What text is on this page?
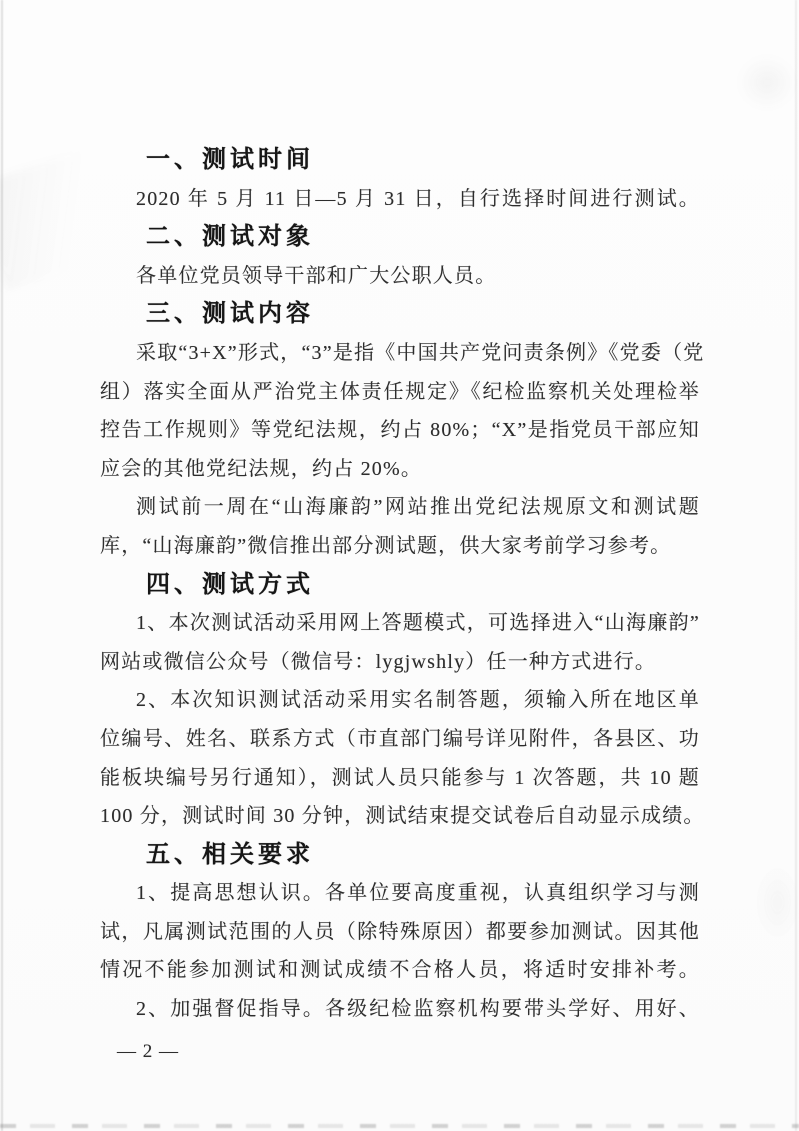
一、测试时间
2020 年 5 月 11 日—5 月 31 日，自行选择时间进行测试。
二、测试对象
各单位党员领导干部和广大公职人员。
三、测试内容
采取“3+X”形式，“3”是指《中国共产党问责条例》《党委（党
组）落实全面从严治党主体责任规定》《纪检监察机关处理检举
控告工作规则》等党纪法规，约占 80%；“X”是指党员干部应知
应会的其他党纪法规，约占 20%。
测试前一周在“山海廉韵”网站推出党纪法规原文和测试题
库，“山海廉韵”微信推出部分测试题，供大家考前学习参考。
四、测试方式
1、本次测试活动采用网上答题模式，可选择进入“山海廉韵”
网站或微信公众号（微信号：lygjwshly）任一种方式进行。
2、本次知识测试活动采用实名制答题，须输入所在地区单
位编号、姓名、联系方式（市直部门编号详见附件，各县区、功
能板块编号另行通知），测试人员只能参与 1 次答题，共 10 题
100 分，测试时间 30 分钟，测试结束提交试卷后自动显示成绩。
五、相关要求
1、提高思想认识。各单位要高度重视，认真组织学习与测
试，凡属测试范围的人员（除特殊原因）都要参加测试。因其他
情况不能参加测试和测试成绩不合格人员，将适时安排补考。
2、加强督促指导。各级纪检监察机构要带头学好、用好、
— 2 —
